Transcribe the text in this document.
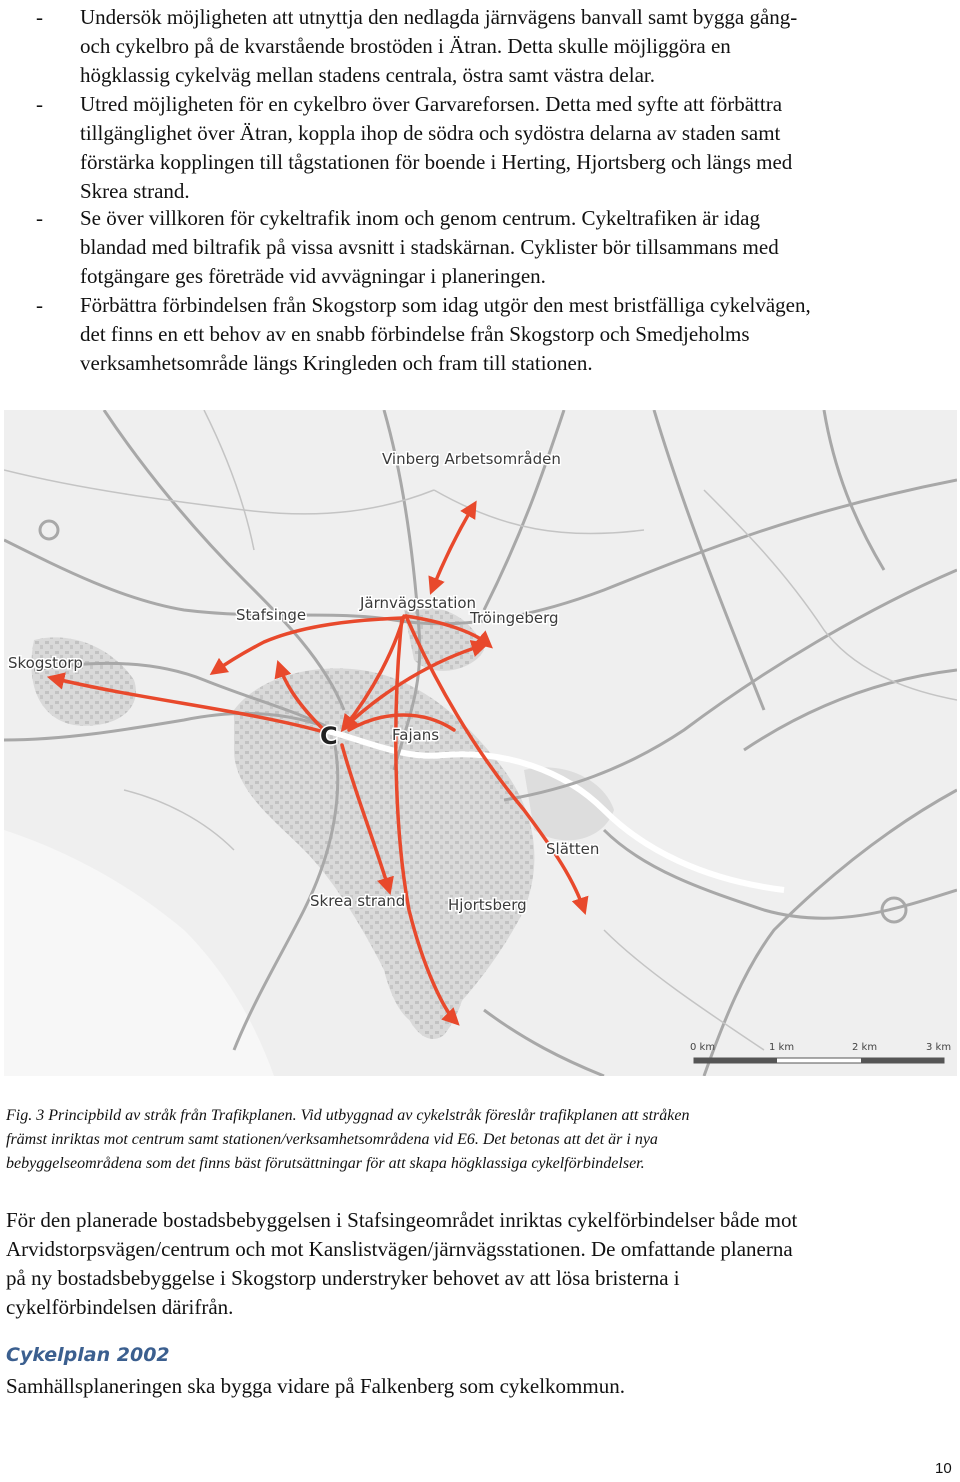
-	Undersök möjligheten att utnyttja den nedlagda järnvägens banvall samt bygga gång-
och cykelbro på de kvarstående brostöden i Ätran. Detta skulle möjliggöra en
högklassig cykelväg mellan stadens centrala, östra samt västra delar.
-	Utred möjligheten för en cykelbro över Garvareforsen. Detta med syfte att förbättra
tillgänglighet över Ätran, koppla ihop de södra och sydöstra delarna av staden samt
förstärka kopplingen till tågstationen för boende i Herting, Hjortsberg och längs med
Skrea strand.
-	Se över villkoren för cykeltrafik inom och genom centrum. Cykeltrafiken är idag
blandad med biltrafik på vissa avsnitt i stadskärnan. Cyklister bör tillsammans med
fotgängare ges företräde vid avvägningar i planeringen.
-	Förbättra förbindelsen från Skogstorp som idag utgör den mest bristfälliga cykelvägen,
det finns en ett behov av en snabb förbindelse från Skogstorp och Smedjeholms
verksamhetsområde längs Kringleden och fram till stationen.
Vinberg Arbetsområden
Stafsinge
Järnvägsstation
Tröingeberg
Skogstorp
C	Fajans
Slätten
Skrea strand	Hjortsberg
0 km	1 km	2 km	3 km
Fig. 3 Principbild av stråk från Trafikplanen. Vid utbyggnad av cykelstråk föreslår trafikplanen att stråken
främst inriktas mot centrum samt stationen/verksamhetsområdena vid E6. Det betonas att det är i nya
bebyggelseområdena som det finns bäst förutsättningar för att skapa högklassiga cykelförbindelser.
För den planerade bostadsbebyggelsen i Stafsingeområdet inriktas cykelförbindelser både mot
Arvidstorpsvägen/centrum och mot Kanslistvägen/järnvägsstationen. De omfattande planerna
på ny bostadsbebyggelse i Skogstorp understryker behovet av att lösa bristerna i
cykelförbindelsen därifrån.
Cykelplan 2002
Samhällsplaneringen ska bygga vidare på Falkenberg som cykelkommun.
10
